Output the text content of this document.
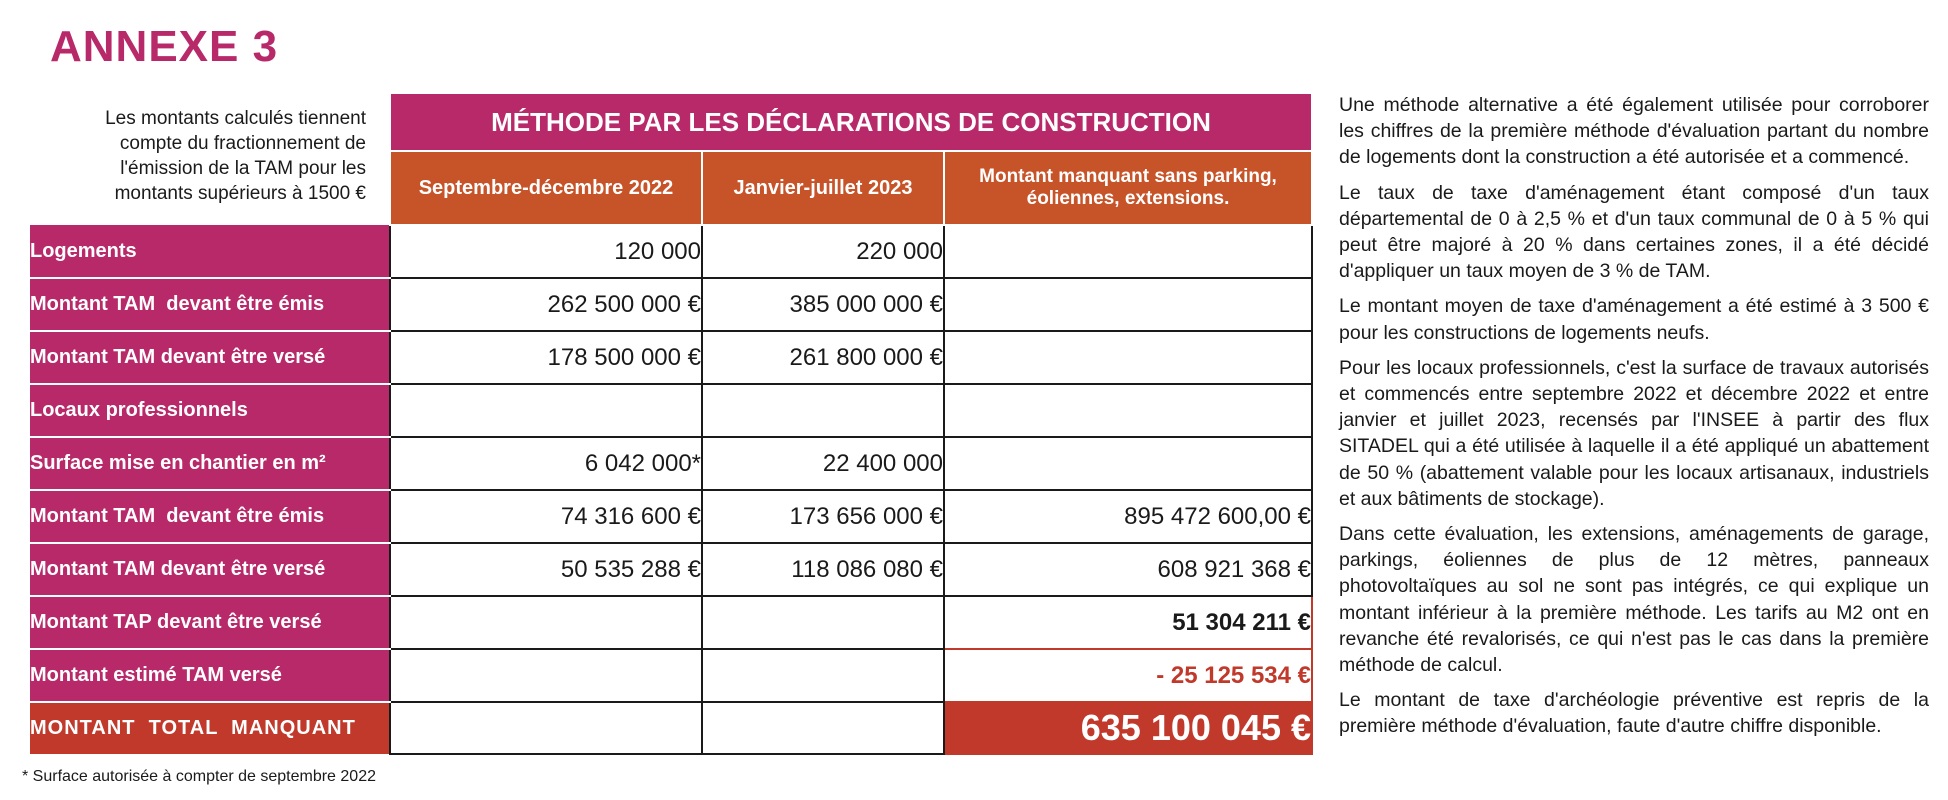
ANNEXE 3
Les montants calculés tiennent compte du fractionnement de l'émission de la TAM pour les montants supérieurs à 1500 €
	MÉTHODE PAR LES DÉCLARATIONS DE CONSTRUCTION		
	Septembre-décembre 2022	Janvier-juillet 2023	Montant manquant sans parking, éoliennes, extensions.
Logements	120 000	220 000	
Montant TAM  devant être émis	262 500 000 €	385 000 000 €	
Montant TAM devant être versé	178 500 000 €	261 800 000 €	
Locaux professionnels			
Surface mise en chantier en m²	6 042 000*	22 400 000	
Montant TAM  devant être émis	74 316 600 €	173 656 000 €	895 472 600,00 €
Montant TAM devant être versé	50 535 288 €	118 086 080 €	608 921 368 €
Montant TAP devant être versé			51 304 211 €
Montant estimé TAM versé			- 25 125 534 €
MONTANT  TOTAL  MANQUANT			635 100 045 €
* Surface autorisée à compter de septembre 2022

Une méthode alternative a été également utilisée pour corroborer les chiffres de la première méthode d'évaluation partant du nombre de logements dont la construction a été autorisée et a commencé.

Le taux de taxe d'aménagement étant composé d'un taux départemental de 0 à 2,5 % et d'un taux communal de 0 à 5 % qui peut être majoré à 20 % dans certaines zones, il a été décidé d'appliquer un taux moyen de 3 % de TAM.

Le montant moyen de taxe d'aménagement a été estimé à 3 500 € pour les constructions de logements neufs.

Pour les locaux professionnels, c'est la surface de travaux autorisés et commencés entre septembre 2022 et décembre 2022 et entre janvier et juillet 2023, recensés par l'INSEE à partir des flux SITADEL qui a été utilisée à laquelle il a été appliqué un abattement de 50 % (abattement valable pour les locaux artisanaux, industriels et aux bâtiments de stockage).

Dans cette évaluation, les extensions, aménagements de garage, parkings, éoliennes de plus de 12 mètres, panneaux photovoltaïques au sol ne sont pas intégrés, ce qui explique un montant inférieur à la première méthode. Les tarifs au M2 ont en revanche été revalorisés, ce qui n'est pas le cas dans la première méthode de calcul.

Le montant de taxe d'archéologie préventive est repris de la première méthode d'évaluation, faute d'autre chiffre disponible.
